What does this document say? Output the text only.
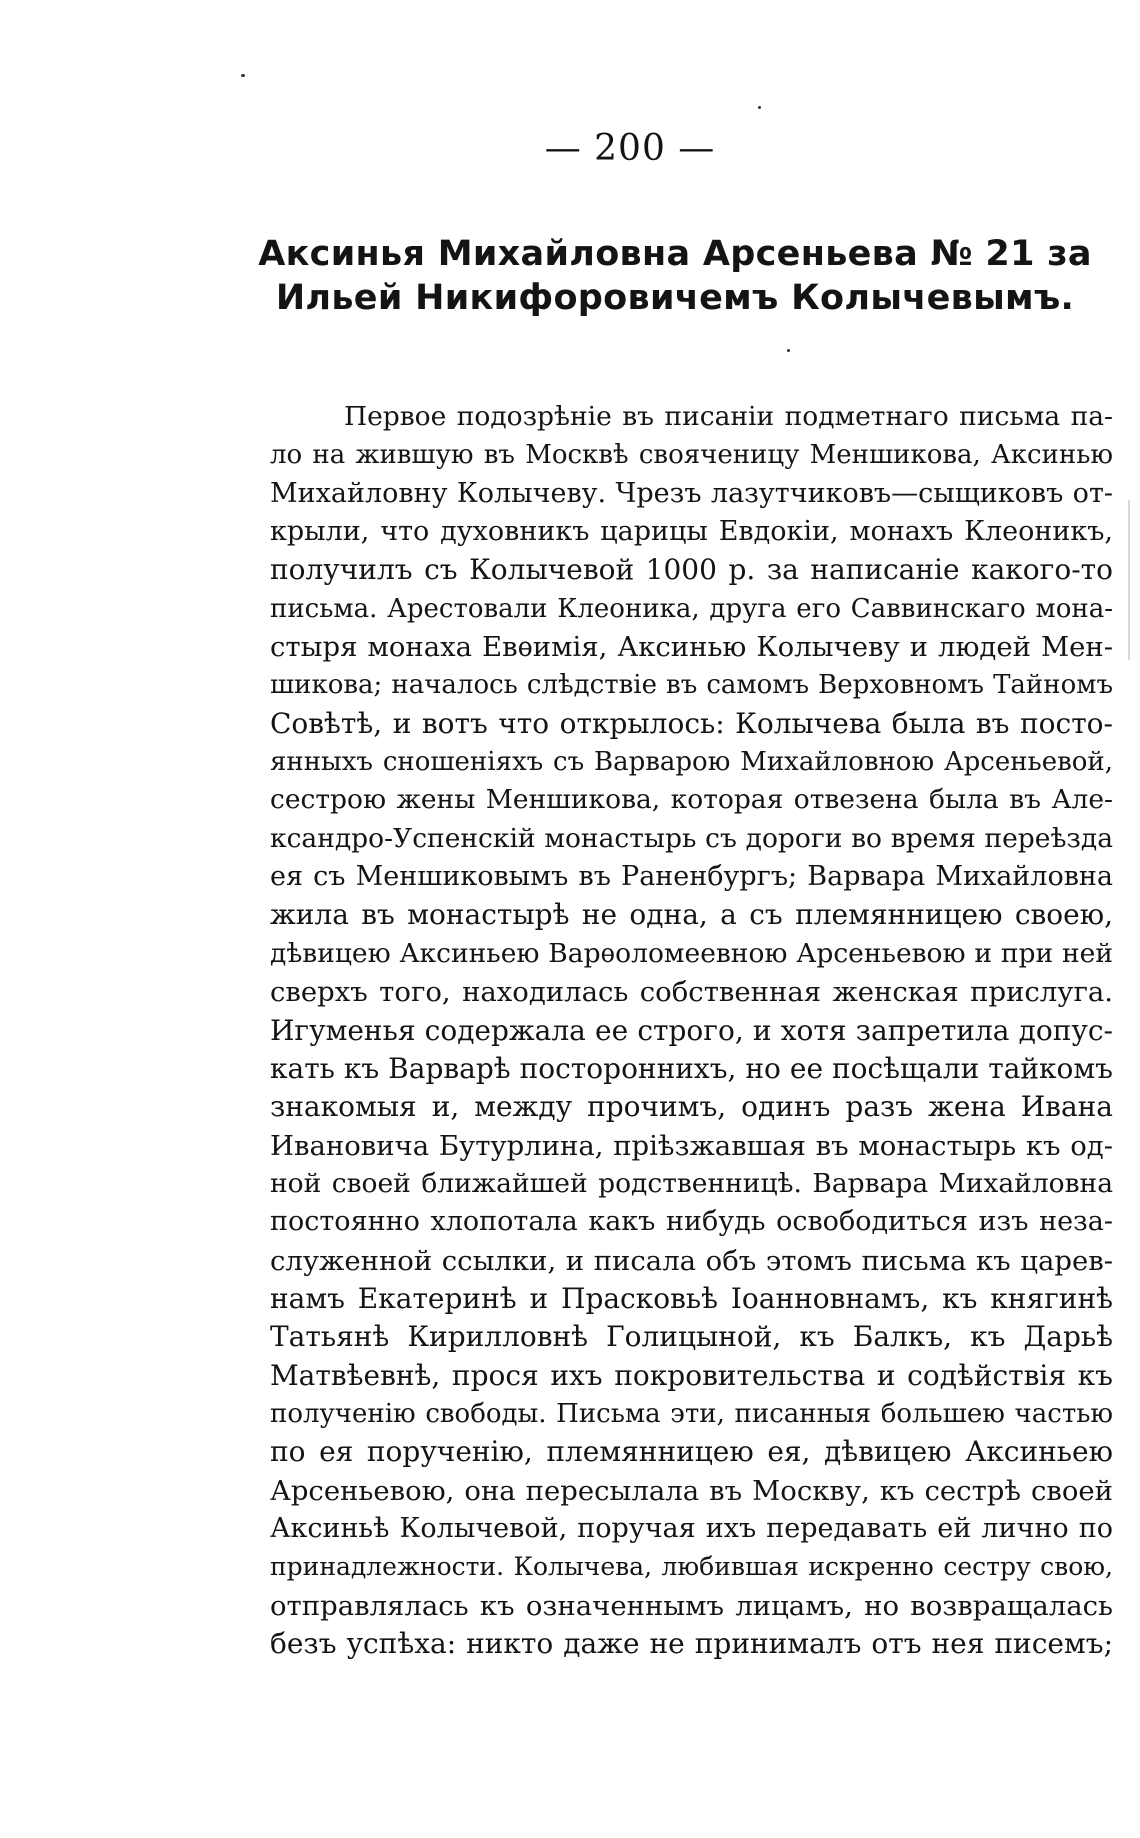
— 200 —
Аксинья Михайловна Арсеньева № 21 за
Ильей Никифоровичемъ Колычевымъ.
Первое подозрѣніе въ писаніи подметнаго письма па-
ло на жившую въ Москвѣ свояченицу Меншикова, Аксинью
Михайловну Колычеву. Чрезъ лазутчиковъ—сыщиковъ от-
крыли, что духовникъ царицы Евдокіи, монахъ Клеоникъ,
получилъ съ Колычевой 1000 р. за написаніе какого-то
письма. Арестовали Клеоника, друга его Саввинскаго мона-
стыря монаха Евѳимія, Аксинью Колычеву и людей Мен-
шикова; началось слѣдствіе въ самомъ Верховномъ Тайномъ
Совѣтѣ, и вотъ что открылось: Колычева была въ посто-
янныхъ сношеніяхъ съ Варварою Михайловною Арсеньевой,
сестрою жены Меншикова, которая отвезена была въ Але-
ксандро-Успенскій монастырь съ дороги во время переѣзда
ея съ Меншиковымъ въ Раненбургъ; Варвара Михайловна
жила въ монастырѣ не одна, а съ племянницею своею,
дѣвицею Аксиньею Варѳоломеевною Арсеньевою и при ней
сверхъ того, находилась собственная женская прислуга.
Игуменья содержала ее строго, и хотя запретила допус-
кать къ Варварѣ постороннихъ, но ее посѣщали тайкомъ
знакомыя и, между прочимъ, одинъ разъ жена Ивана
Ивановича Бутурлина, пріѣзжавшая въ монастырь къ од-
ной своей ближайшей родственницѣ. Варвара Михайловна
постоянно хлопотала какъ нибудь освободиться изъ неза-
служенной ссылки, и писала объ этомъ письма къ царев-
намъ Екатеринѣ и Прасковьѣ Іоанновнамъ, къ княгинѣ
Татьянѣ Кирилловнѣ Голицыной, къ Балкъ, къ Дарьѣ
Матвѣевнѣ, прося ихъ покровительства и содѣйствія къ
полученію свободы. Письма эти, писанныя большею частью
по ея порученію, племянницею ея, дѣвицею Аксиньею
Арсеньевою, она пересылала въ Москву, къ сестрѣ своей
Аксиньѣ Колычевой, поручая ихъ передавать ей лично по
принадлежности. Колычева, любившая искренно сестру свою,
отправлялась къ означеннымъ лицамъ, но возвращалась
безъ успѣха: никто даже не принималъ отъ нея писемъ;
